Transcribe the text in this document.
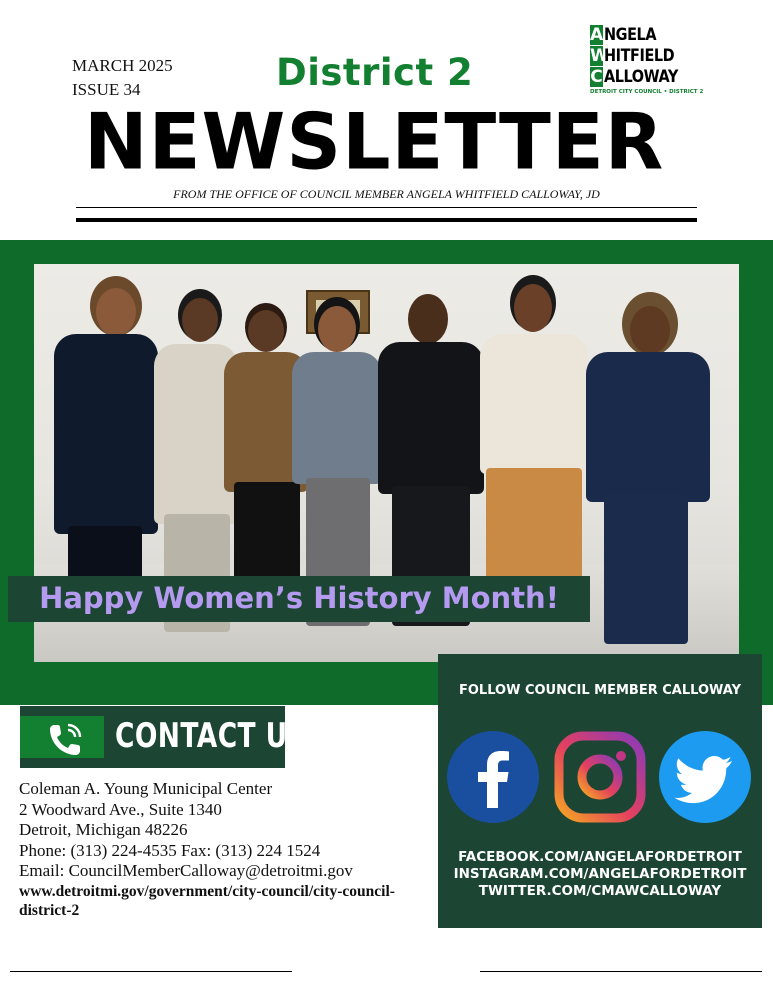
MARCH 2025
ISSUE 34	District 2
NEWSLETTER
FROM THE OFFICE OF COUNCIL MEMBER ANGELA WHITFIELD CALLOWAY, JD
A NGELA
W
HITFIELD
C ALLOWAY
DETROIT CITY COUNCIL • DISTRICT 2
Happy Women’s History Month!
CONTACT US
Coleman A. Young Municipal Center
2 Woodward Ave., Suite 1340
Detroit, Michigan 48226
Phone: (313) 224-4535 Fax: (313) 224 1524
Email: CouncilMemberCalloway@detroitmi.gov
www.detroitmi.gov/government/city-council/city-council-district-2
FOLLOW COUNCIL MEMBER CALLOWAY
FACEBOOK.COM/ANGELAFORDETROIT
INSTAGRAM.COM/ANGELAFORDETROIT
TWITTER.COM/CMAWCALLOWAY
